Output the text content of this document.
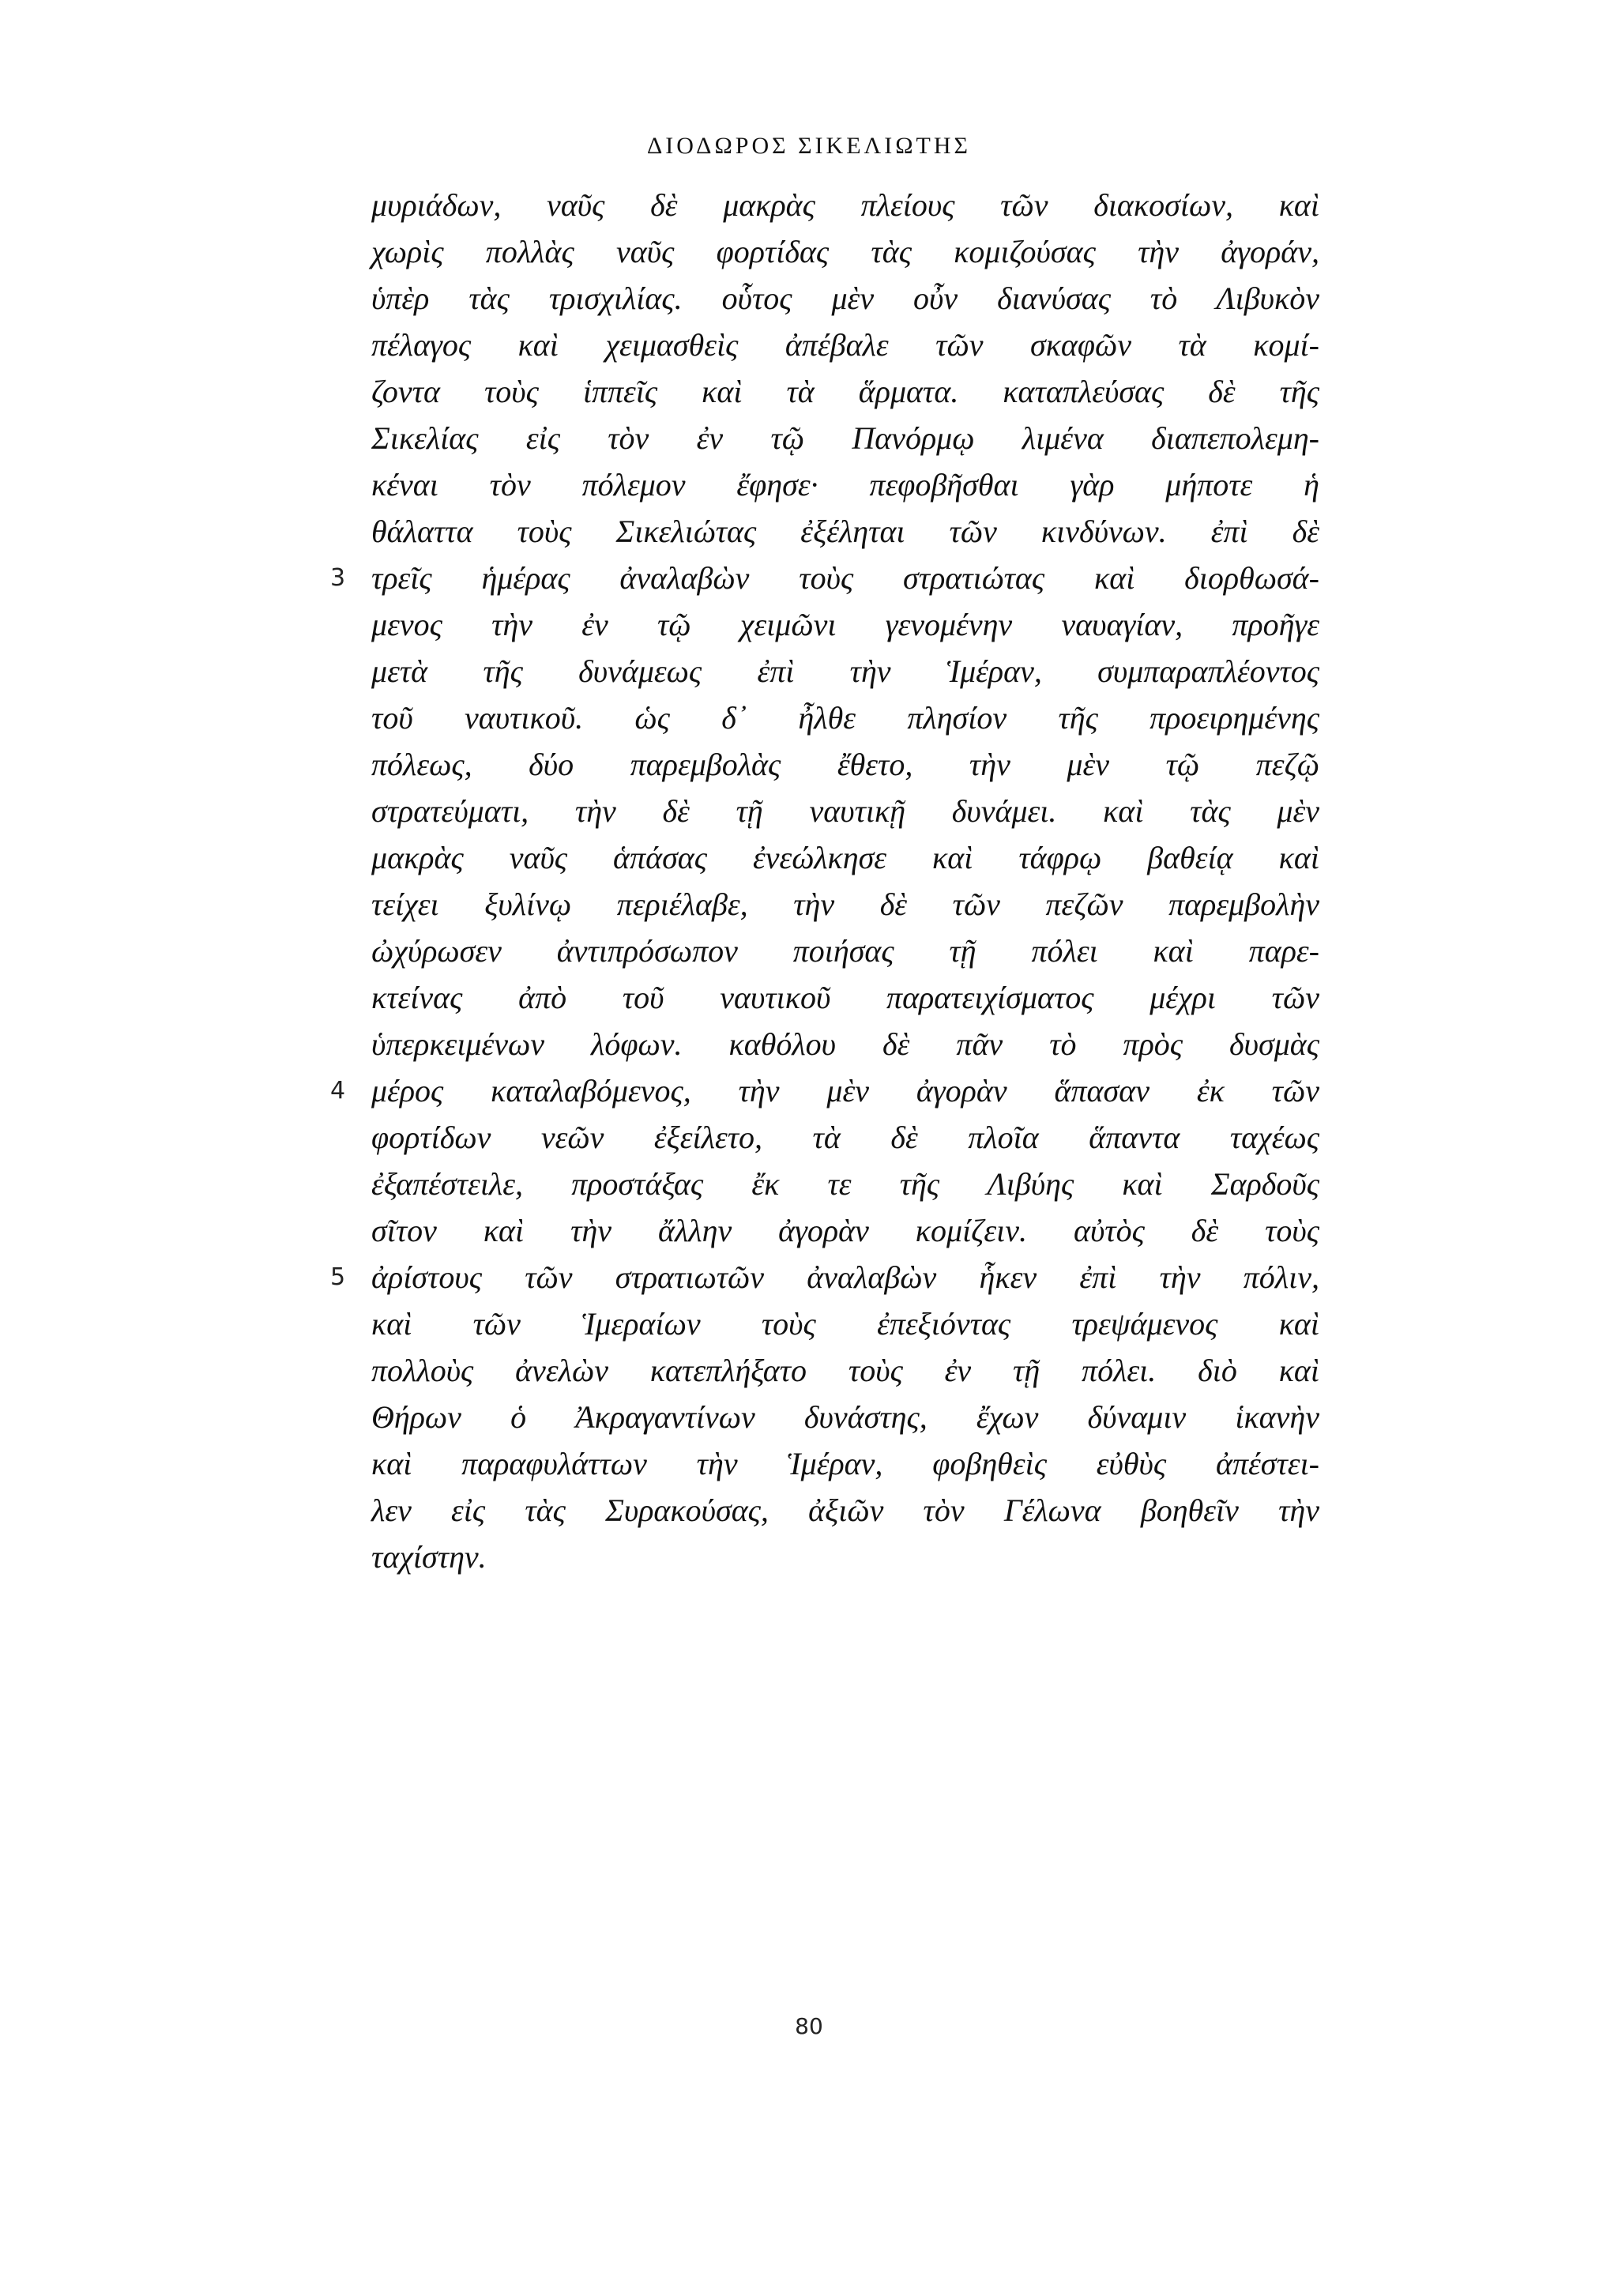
ΔΙΟΔΩΡΟΣ ΣΙΚΕΛΙΩΤΗΣ
μυριάδων, ναῦς δὲ μακρὰς πλείους τῶν διακοσίων, καὶ
χωρὶς πολλὰς ναῦς φορτίδας τὰς κομιζούσας τὴν ἀγοράν,
ὑπὲρ τὰς τρισχιλίας. οὗτος μὲν οὖν διανύσας τὸ Λιβυκὸν
πέλαγος καὶ χειμασθεὶς ἀπέβαλε τῶν σκαφῶν τὰ κομί-
ζοντα τοὺς ἱππεῖς καὶ τὰ ἅρματα. καταπλεύσας δὲ τῆς
Σικελίας εἰς τὸν ἐν τῷ Πανόρμῳ λιμένα διαπεπολεμη-
κέναι τὸν πόλεμον ἔφησε· πεφοβῆσθαι γὰρ μήποτε ἡ
θάλαττα τοὺς Σικελιώτας ἐξέληται τῶν κινδύνων. ἐπὶ δὲ
3 τρεῖς ἡμέρας ἀναλαβὼν τοὺς στρατιώτας καὶ διορθωσά-
μενος τὴν ἐν τῷ χειμῶνι γενομένην ναυαγίαν, προῆγε
μετὰ τῆς δυνάμεως ἐπὶ τὴν Ἱμέραν, συμπαραπλέοντος
τοῦ ναυτικοῦ. ὡς δ᾽ ἦλθε πλησίον τῆς προειρημένης
πόλεως, δύο παρεμβολὰς ἔθετο, τὴν μὲν τῷ πεζῷ
στρατεύματι, τὴν δὲ τῇ ναυτικῇ δυνάμει. καὶ τὰς μὲν
μακρὰς ναῦς ἁπάσας ἐνεώλκησε καὶ τάφρῳ βαθείᾳ καὶ
τείχει ξυλίνῳ περιέλαβε, τὴν δὲ τῶν πεζῶν παρεμβολὴν
ὠχύρωσεν ἀντιπρόσωπον ποιήσας τῇ πόλει καὶ παρε-
κτείνας ἀπὸ τοῦ ναυτικοῦ παρατειχίσματος μέχρι τῶν
ὑπερκειμένων λόφων. καθόλου δὲ πᾶν τὸ πρὸς δυσμὰς
4 μέρος καταλαβόμενος, τὴν μὲν ἀγορὰν ἅπασαν ἐκ τῶν
φορτίδων νεῶν ἐξείλετο, τὰ δὲ πλοῖα ἅπαντα ταχέως
ἐξαπέστειλε, προστάξας ἔκ τε τῆς Λιβύης καὶ Σαρδοῦς
σῖτον καὶ τὴν ἄλλην ἀγορὰν κομίζειν. αὐτὸς δὲ τοὺς
5 ἀρίστους τῶν στρατιωτῶν ἀναλαβὼν ἧκεν ἐπὶ τὴν πόλιν,
καὶ τῶν Ἱμεραίων τοὺς ἐπεξιόντας τρεψάμενος καὶ
πολλοὺς ἀνελὼν κατεπλήξατο τοὺς ἐν τῇ πόλει. διὸ καὶ
Θήρων ὁ Ἀκραγαντίνων δυνάστης, ἔχων δύναμιν ἱκανὴν
καὶ παραφυλάττων τὴν Ἱμέραν, φοβηθεὶς εὐθὺς ἀπέστει-
λεν εἰς τὰς Συρακούσας, ἀξιῶν τὸν Γέλωνα βοηθεῖν τὴν
ταχίστην.
80
